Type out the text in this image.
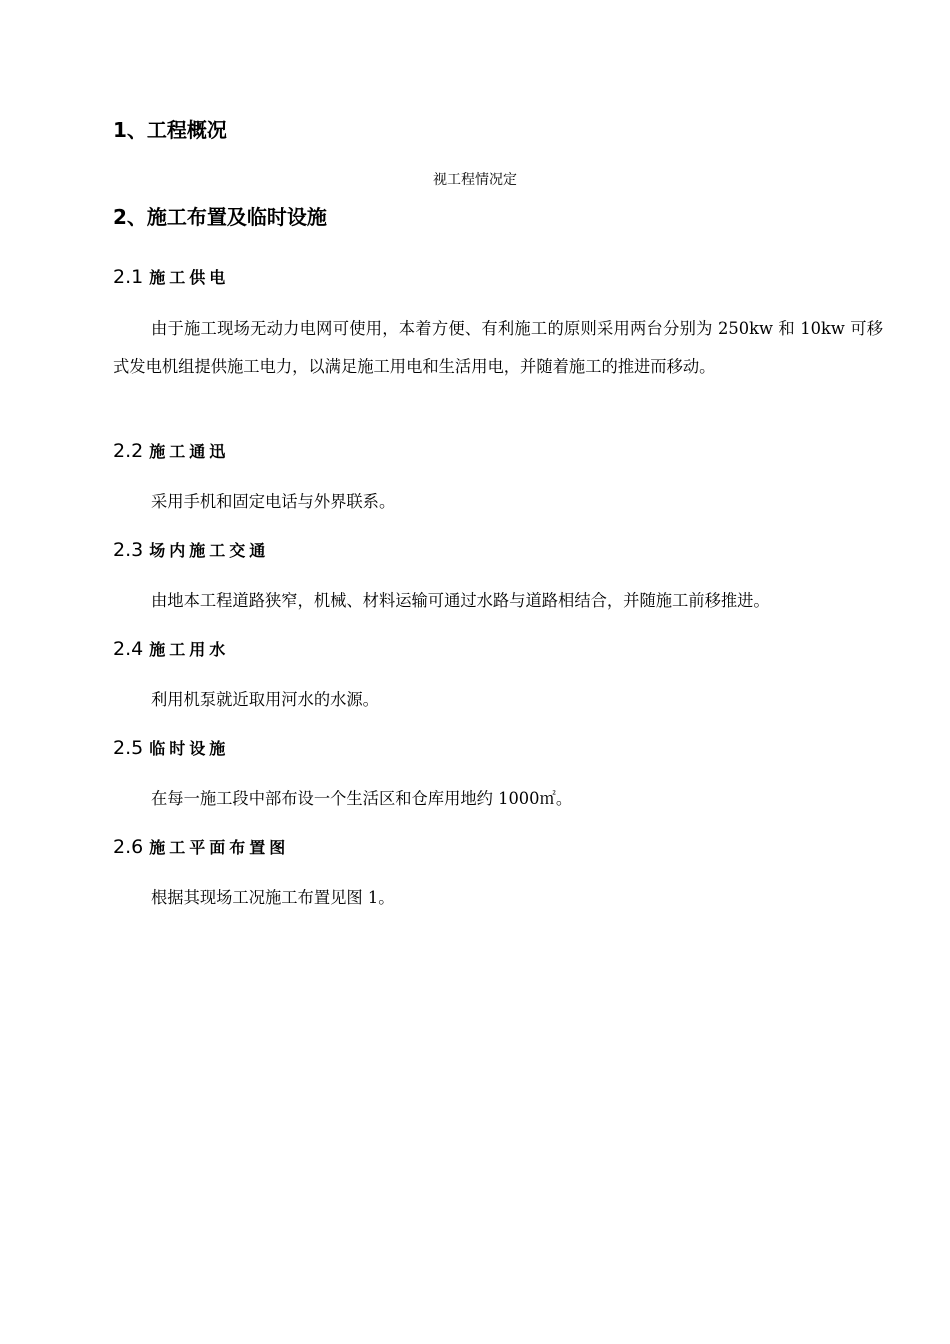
1、工程概况
视工程情况定
2、施工布置及临时设施
2.1 施工供电
由于施工现场无动力电网可使用，本着方便、有利施工的原则采用两台分别为 250kw 和 10kw 可移式发电机组提供施工电力，以满足施工用电和生活用电，并随着施工的推进而移动。
2.2 施工通迅
采用手机和固定电话与外界联系。
2.3 场内施工交通
由地本工程道路狭窄，机械、材料运输可通过水路与道路相结合，并随施工前移推进。
2.4 施工用水
利用机泵就近取用河水的水源。
2.5 临时设施
在每一施工段中部布设一个生活区和仓库用地约 1000㎡。
2.6 施工平面布置图
根据其现场工况施工布置见图 1。
